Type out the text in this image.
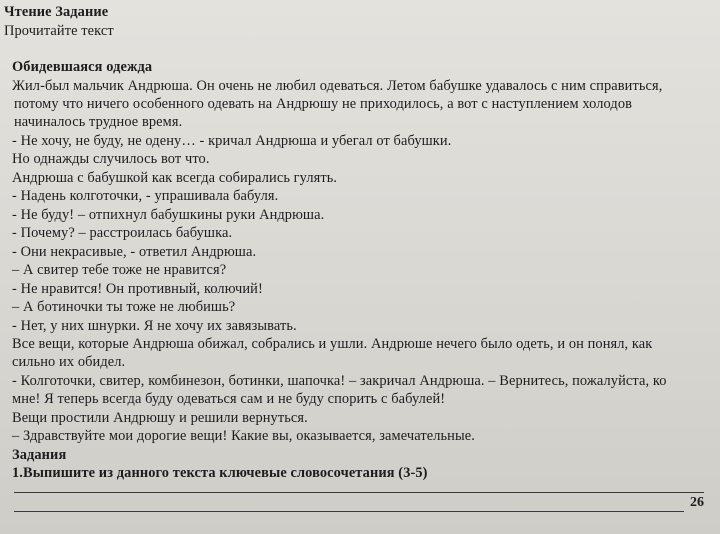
Чтение Задание
Прочитайте текст
Обидевшаяся одежда
Жил-был мальчик Андрюша. Он очень не любил одеваться. Летом бабушке удавалось с ним справиться,
потому что ничего особенного одевать на Андрюшу не приходилось, а вот с наступлением холодов
начиналось трудное время.
- Не хочу, не буду, не одену… - кричал Андрюша и убегал от бабушки.
Но однажды случилось вот что.
Андрюша с бабушкой как всегда собирались гулять.
- Надень колготочки, - упрашивала бабуля.
- Не буду! – отпихнул бабушкины руки Андрюша.
- Почему? – расстроилась бабушка.
- Они некрасивые, - ответил Андрюша.
– А свитер тебе тоже не нравится?
- Не нравится! Он противный, колючий!
– А ботиночки ты тоже не любишь?
- Нет, у них шнурки. Я не хочу их завязывать.
Все вещи, которые Андрюша обижал, собрались и ушли. Андрюше нечего было одеть, и он понял, как
сильно их обидел.
- Колготочки, свитер, комбинезон, ботинки, шапочка! – закричал Андрюша. – Вернитесь, пожалуйста, ко
мне! Я теперь всегда буду одеваться сам и не буду спорить с бабулей!
Вещи простили Андрюшу и решили вернуться.
– Здравствуйте мои дорогие вещи! Какие вы, оказывается, замечательные.
Задания
1.Выпишите из данного текста ключевые словосочетания (3-5)
26
